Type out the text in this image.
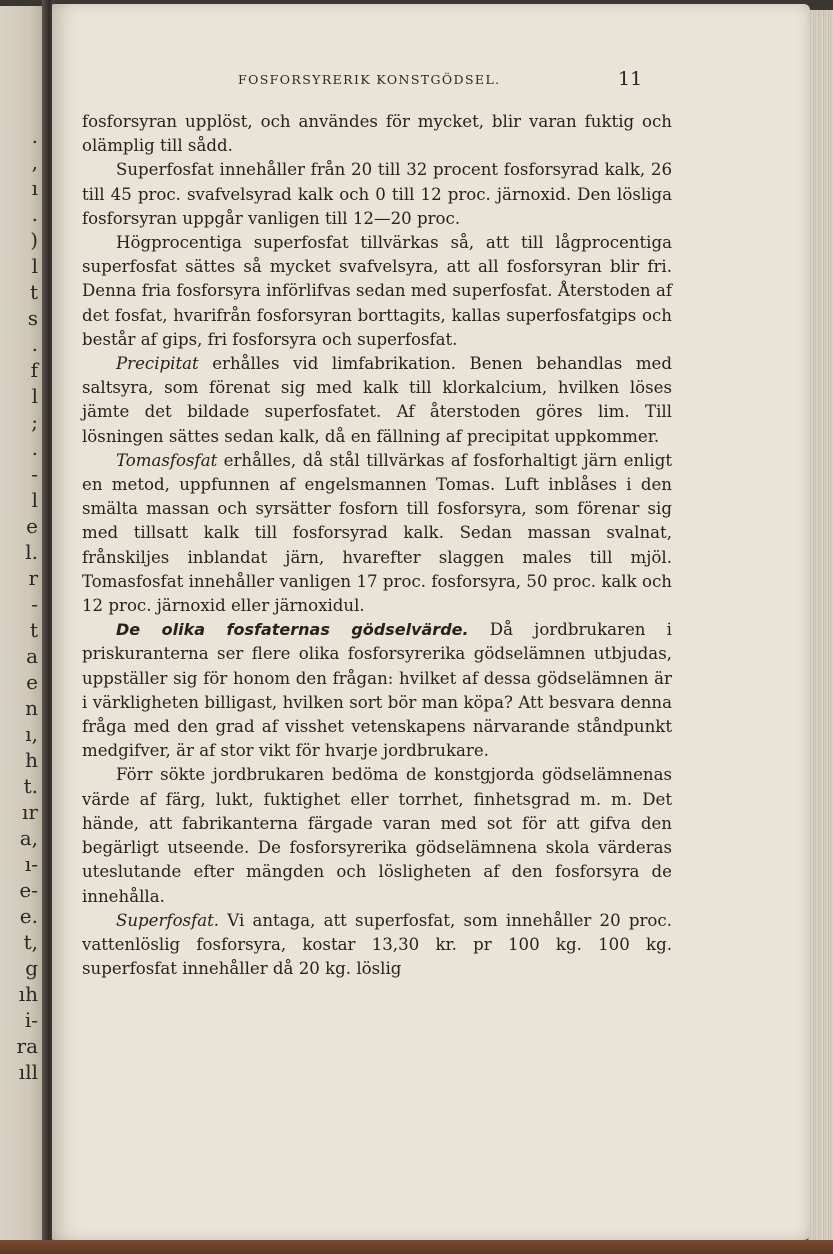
.
,
ı
.
)
l
t
s
.
f
l
;
.
-
l
e
l.
r
-
t
a
e
n
ı,
h
t.
ır
a,
ı-
e-
e.
t,
g
ıh
i-
ra
ıll
FOSFORSYRERIK KONSTGÖDSEL.	11

fosforsyran upplöst, och användes för mycket, blir varan fuktig och olämplig till sådd.

Superfosfat innehåller från 20 till 32 procent fosforsyrad kalk, 26 till 45 proc. svafvelsyrad kalk och 0 till 12 proc. järnoxid. Den lösliga fosforsyran uppgår vanligen till 12—20 proc.

Högprocentiga superfosfat tillvärkas så, att till lågprocentiga superfosfat sättes så mycket svafvelsyra, att all fosforsyran blir fri. Denna fria fosforsyra införlifvas sedan med superfosfat. Återstoden af det fosfat, hvarifrån fosforsyran borttagits, kallas superfosfatgips och består af gips, fri fosforsyra och superfosfat.

Precipitat erhålles vid limfabrikation. Benen behandlas med saltsyra, som förenat sig med kalk till klorkalcium, hvilken löses jämte det bildade superfosfatet. Af återstoden göres lim. Till lösningen sättes sedan kalk, då en fällning af precipitat uppkommer.

Tomasfosfat erhålles, då stål tillvärkas af fosforhaltigt järn enligt en metod, uppfunnen af engelsmannen Tomas. Luft inblåses i den smälta massan och syrsätter fosforn till fosforsyra, som förenar sig med tillsatt kalk till fosforsyrad kalk. Sedan massan svalnat, frånskiljes inblandat järn, hvarefter slaggen males till mjöl. Tomasfosfat innehåller vanligen 17 proc. fosforsyra, 50 proc. kalk och 12 proc. järnoxid eller järnoxidul.

De olika fosfaternas gödselvärde. Då jordbrukaren i priskuranterna ser flere olika fosforsyrerika gödselämnen utbjudas, uppställer sig för honom den frågan: hvilket af dessa gödselämnen är i värkligheten billigast, hvilken sort bör man köpa? Att besvara denna fråga med den grad af visshet vetenskapens närvarande ståndpunkt medgifver, är af stor vikt för hvarje jordbrukare.

Förr sökte jordbrukaren bedöma de konstgjorda gödselämnenas värde af färg, lukt, fuktighet eller torrhet, finhetsgrad m. m. Det hände, att fabrikanterna färgade varan med sot för att gifva den begärligt utseende. De fosforsyrerika gödselämnena skola värderas uteslutande efter mängden och lösligheten af den fosforsyra de innehålla.

Superfosfat. Vi antaga, att superfosfat, som innehåller 20 proc. vattenlöslig fosforsyra, kostar 13,30 kr. pr 100 kg. 100 kg. superfosfat innehåller då 20 kg. löslig
